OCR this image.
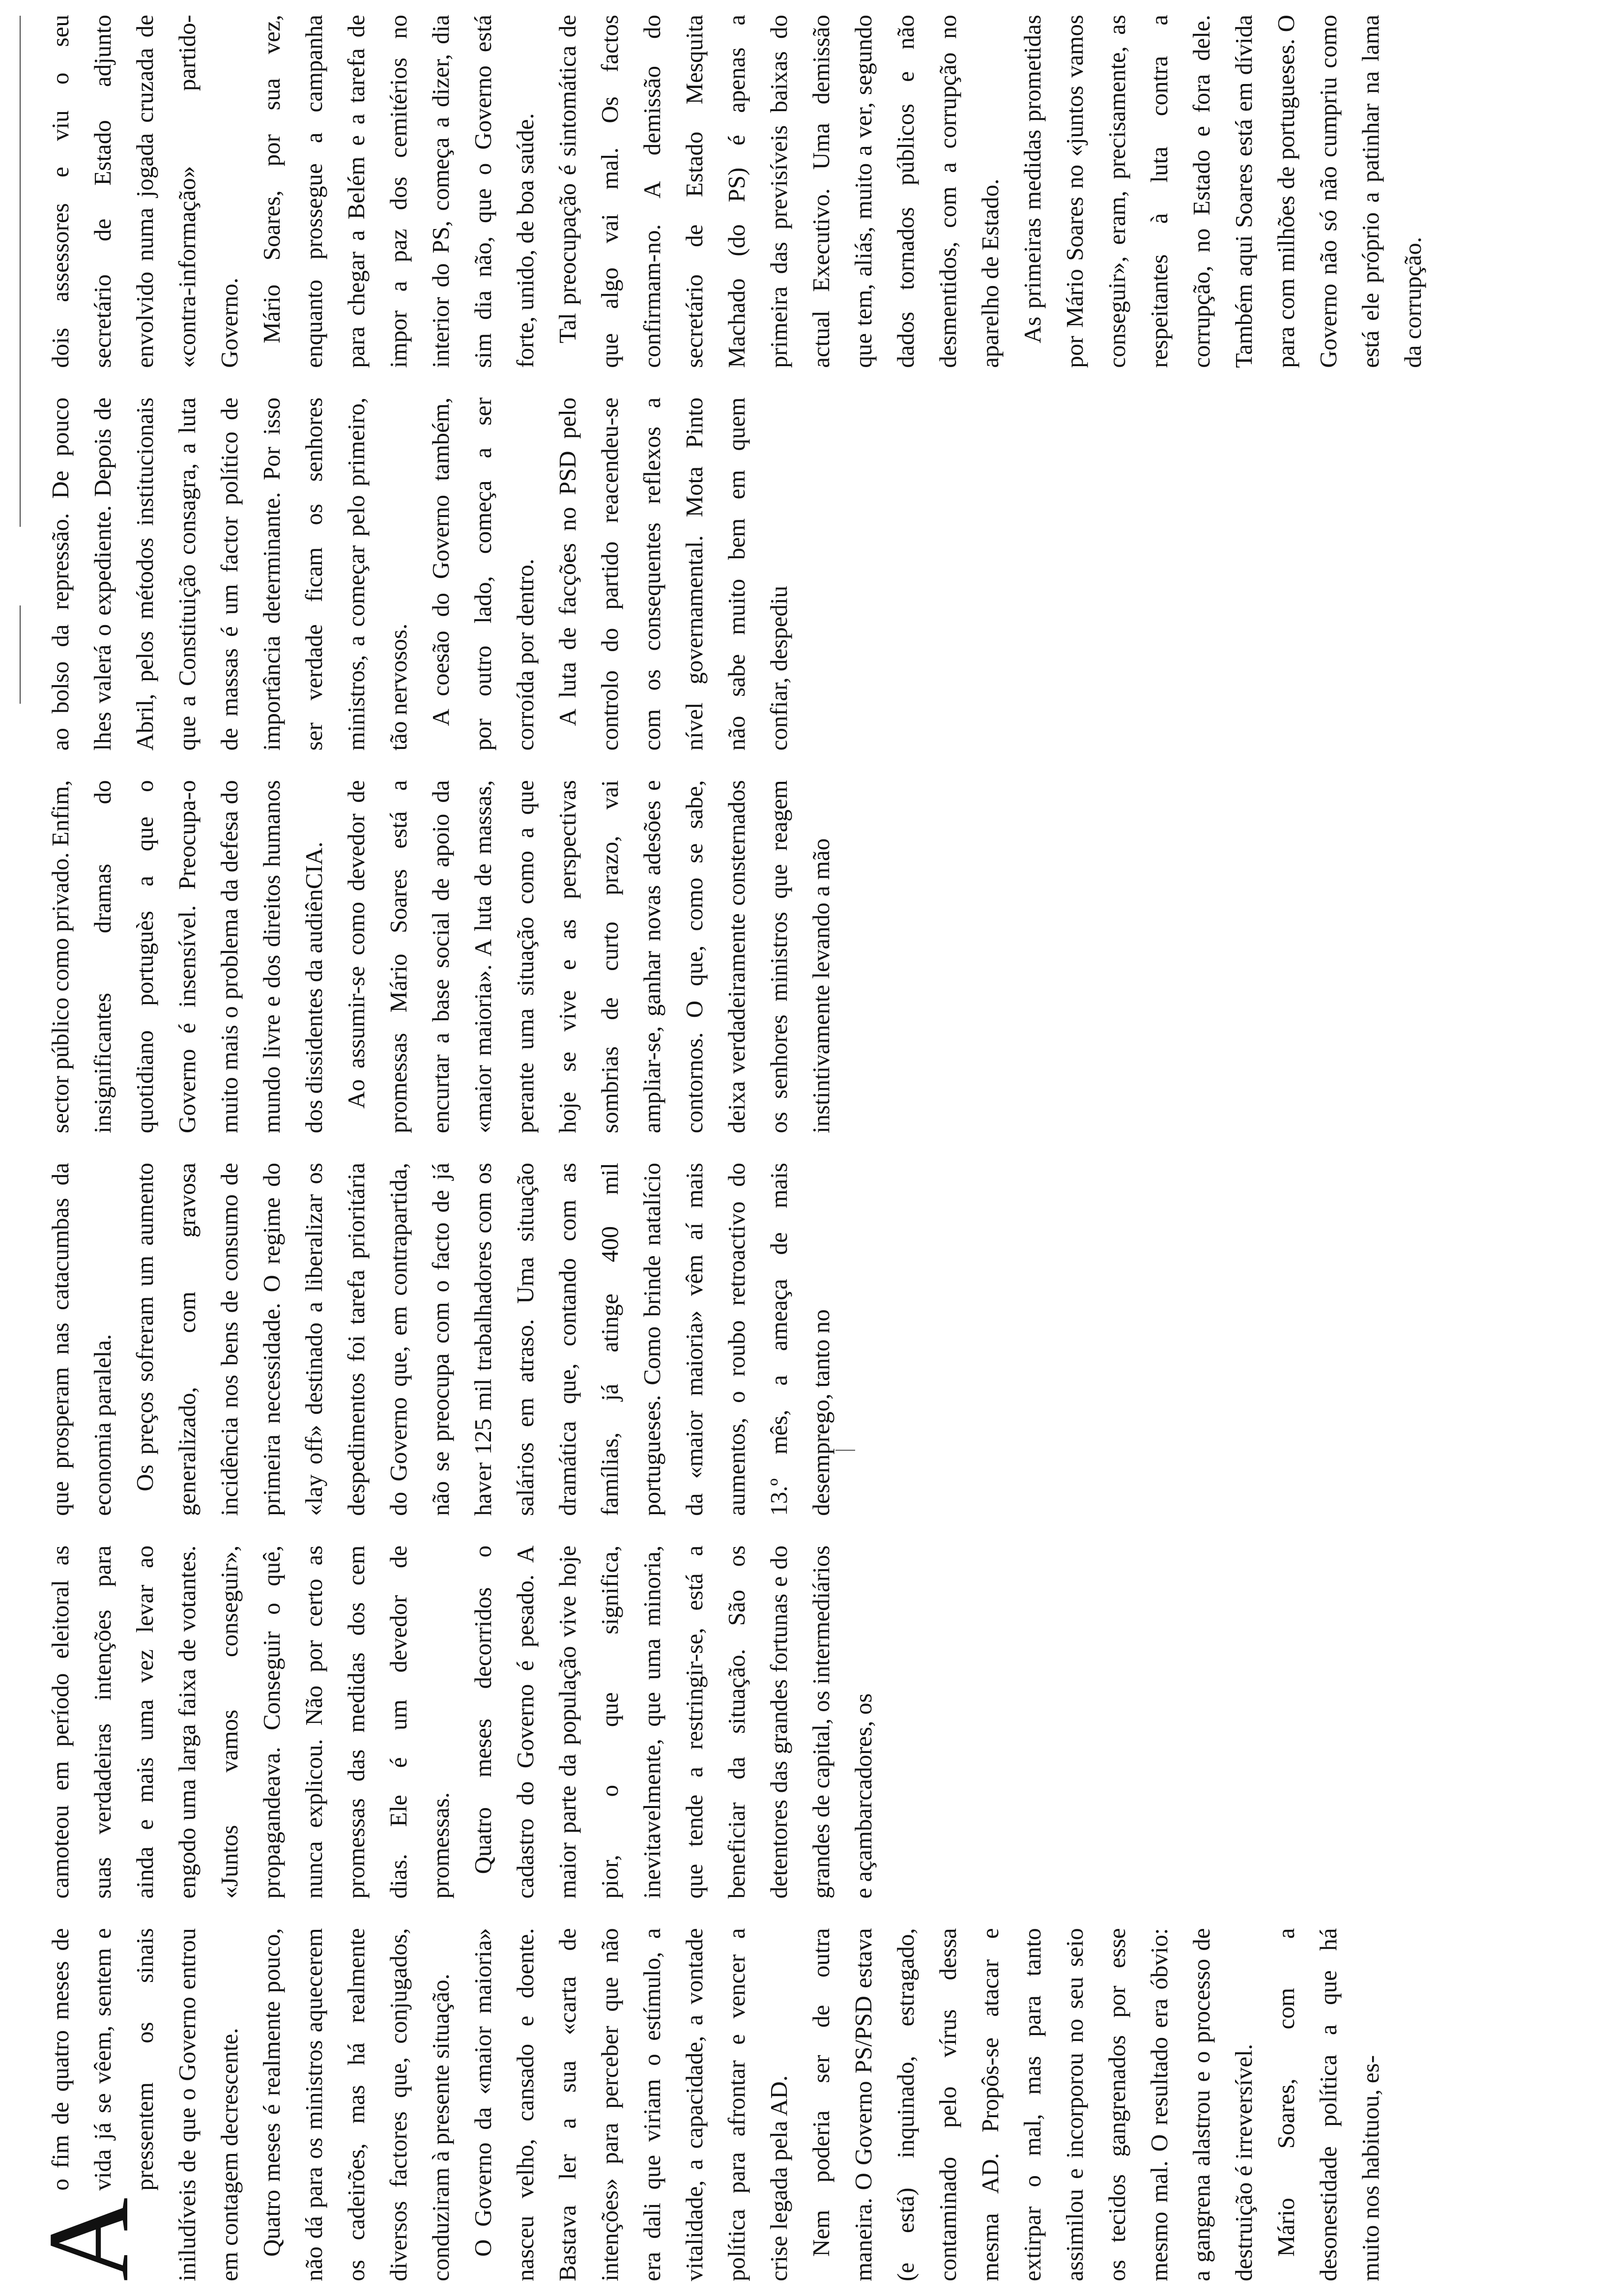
A
o fim de quatro meses de vida já se vêem, sentem e pressentem os sinais iniludíveis de que o Governo entrou em contagem decrescente. Quatro meses é realmente pouco, não dá para os ministros aquecerem os cadeirões, mas há realmente diversos factores que, conjugados, conduziram à presente situação. O Governo da «maior maioria» nasceu velho, cansado e doente. Bastava ler a sua «carta de intenções» para perceber que não era dali que viriam o estímulo, a vitalidade, a capacidade, a vontade política para afrontar e vencer a crise legada pela AD. Nem poderia ser de outra maneira. O Governo PS/PSD estava (e está) inquinado, estragado, contaminado pelo vírus dessa mesma AD. Propôs-se atacar e extirpar o mal, mas para tanto assimilou e incorporou no seu seio os tecidos gangrenados por esse mesmo mal. O resultado era óbvio: a gangrena alastrou e o processo de destruição é irreversível. Mário Soares, com a desonestidade política a que há muito nos habituou, es-

camoteou em período eleitoral as suas verdadeiras intenções para ainda e mais uma vez levar ao engodo uma larga faixa de votantes. «Juntos vamos conseguir», propagandeava. Conseguir o quê, nunca explicou. Não por certo as promessas das medidas dos cem dias. Ele é um devedor de promessas. Quatro meses decorridos o cadastro do Governo é pesado. A maior parte da população vive hoje pior, o que significa, inevitavelmente, que uma minoria, que tende a restringir-se, está a beneficiar da situação. São os detentores das grandes fortunas e do grandes de capital, os intermediários e açambarcadores, os

que prosperam nas catacumbas da economia paralela. Os preços sofreram um aumento generalizado, com gravosa incidência nos bens de consumo de primeira necessidade. O regime do «lay off» destinado a liberalizar os despedimentos foi tarefa prioritária do Governo que, em contrapartida, não se preocupa com o facto de já haver 125 mil trabalhadores com os salários em atraso. Uma situação dramática que, contando com as famílias, já atinge 400 mil portugueses. Como brinde natalício da «maior maioria» vêm aí mais aumentos, o roubo retroactivo do 13.º mês, a ameaça de mais desemprego, tanto no

sector público como privado. Enfim, insignificantes dramas do quotidiano portuguès a que o Governo é insensível. Preocupa-o muito mais o problema da defesa do mundo livre e dos direitos humanos dos dissidentes da audiênCIA. Ao assumir-se como devedor de promessas Mário Soares está a encurtar a base social de apoio da «maior maioria». A luta de massas, perante uma situação como a que hoje se vive e as perspectivas sombrias de curto prazo, vai ampliar-se, ganhar novas adesões e contornos. O que, como se sabe, deixa verdadeiramente consternados os senhores ministros que reagem instintivamente levando a mão

ao bolso da repressão. De pouco lhes valerá o expediente. Depois de Abril, pelos métodos institucionais que a Constituição consagra, a luta de massas é um factor político de importância determinante. Por isso ser verdade ficam os senhores ministros, a começar pelo primeiro, tão nervosos. A coesão do Governo também, por outro lado, começa a ser corroída por dentro. A luta de facções no PSD pelo controlo do partido reacendeu-se com os consequentes reflexos a nível governamental. Mota Pinto não sabe muito bem em quem confiar, despediu

dois assessores e viu o seu secretário de Estado adjunto envolvido numa jogada cruzada de «contra-informação» partido-Governo. Mário Soares, por sua vez, enquanto prossegue a campanha para chegar a Belém e a tarefa de impor a paz dos cemitérios no interior do PS, começa a dizer, dia sim dia não, que o Governo está forte, unido, de boa saúde. Tal preocupação é sintomática de que algo vai mal. Os factos confirmam-no. A demissão do secretário de Estado Mesquita Machado (do PS) é apenas a primeira das previsíveis baixas do actual Executivo. Uma demissão que tem, aliás, muito a ver, segundo dados tornados públicos e não desmentidos, com a corrupção no aparelho de Estado. As primeiras medidas prometidas por Mário Soares no «juntos vamos conseguir», eram, precisamente, as respeitantes à luta contra a corrupção, no Estado e fora dele. Também aqui Soares está em dívida para com milhões de portugueses. O Governo não só não cumpriu como está ele próprio a patinhar na lama da corrupção.
